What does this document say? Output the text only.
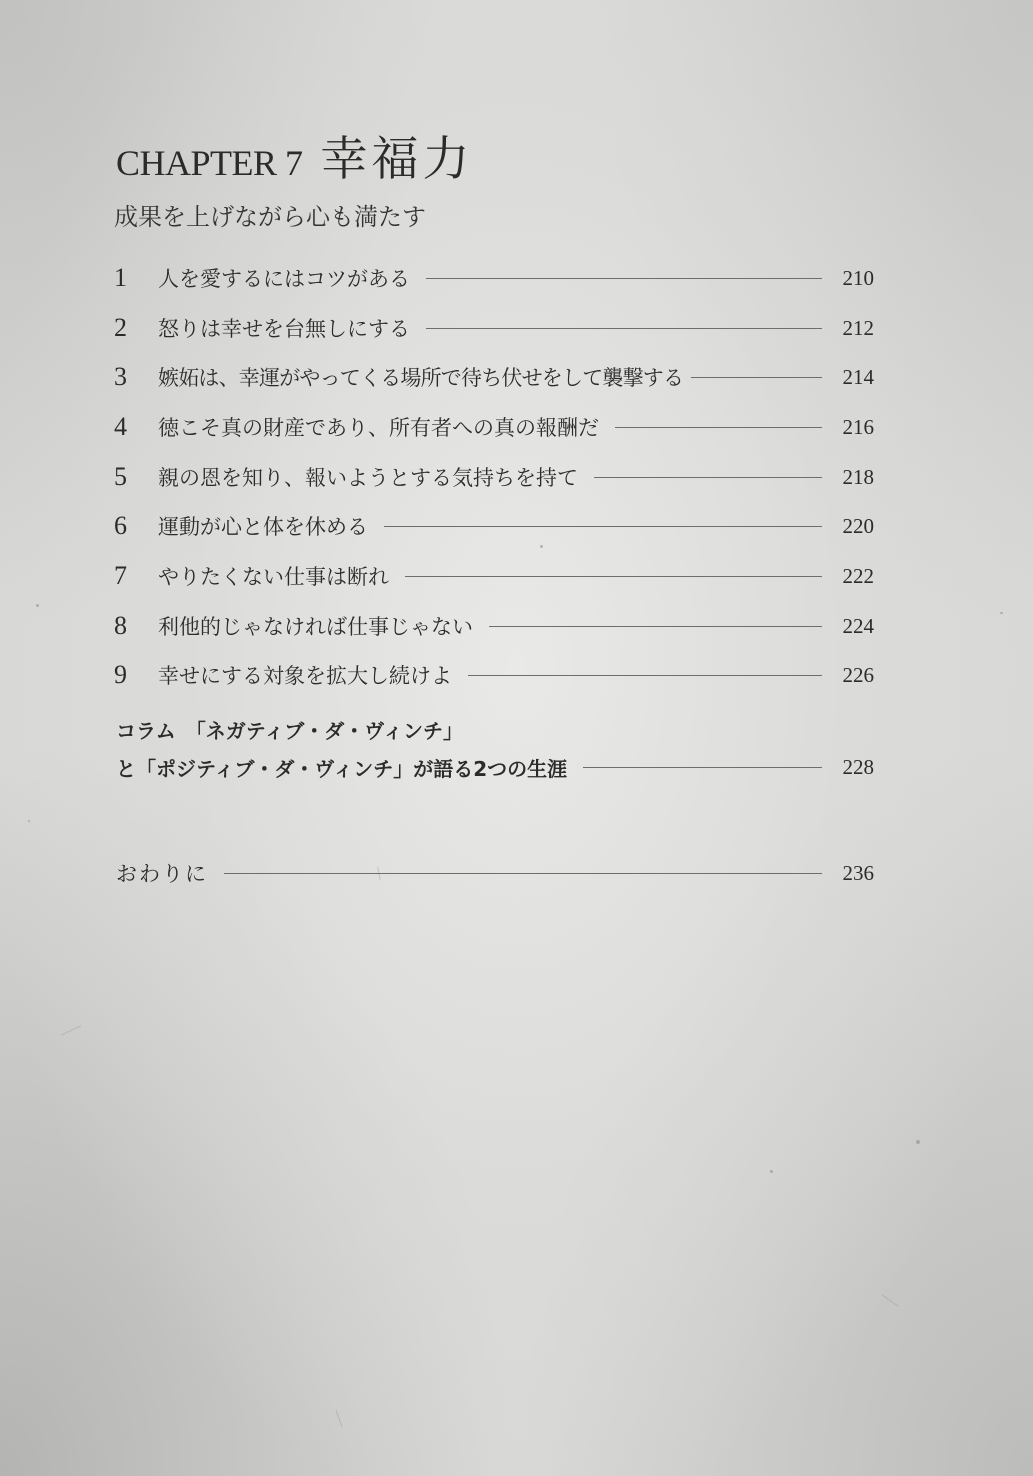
CHAPTER 7 幸福力
成果を上げながら心も満たす
1	人を愛するにはコツがある	210
2	怒りは幸せを台無しにする	212
3	嫉妬は、幸運がやってくる場所で待ち伏せをして襲撃する	214
4	徳こそ真の財産であり、所有者への真の報酬だ	216
5	親の恩を知り、報いようとする気持ちを持て	218
6	運動が心と体を休める	220
7	やりたくない仕事は断れ	222
8	利他的じゃなければ仕事じゃない	224
9	幸せにする対象を拡大し続けよ	226
コラム　「ネガティブ・ダ・ヴィンチ」
と「ポジティブ・ダ・ヴィンチ」が語る2つの生涯	228
おわりに	236
